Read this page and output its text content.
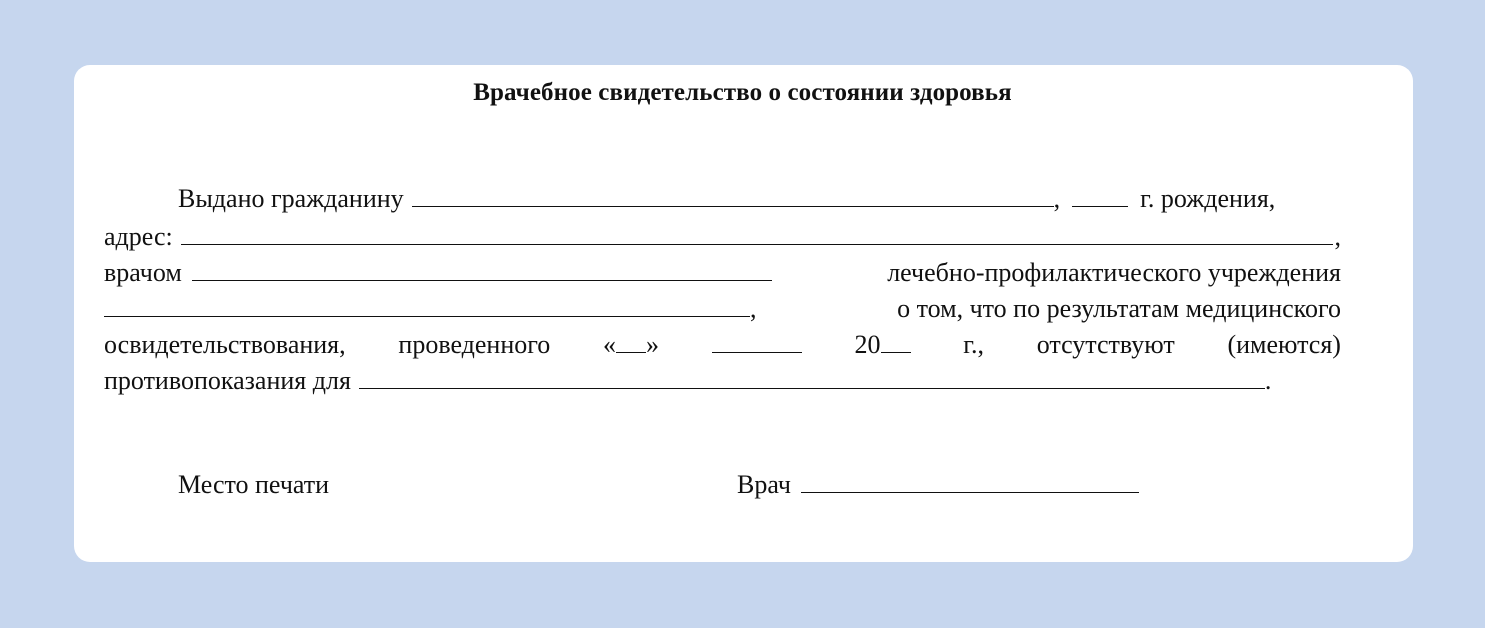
Врачебное свидетельство о состоянии здоровья
Выдано гражданину	,	г. рождения,
адрес:	,
врачом	лечебно-профилактического учреждения
,	о том, что по результатам медицинского
освидетельствования, проведенного « »	20	г., отсутствуют (имеются)
противопоказания для	.
Место печати	Врач
